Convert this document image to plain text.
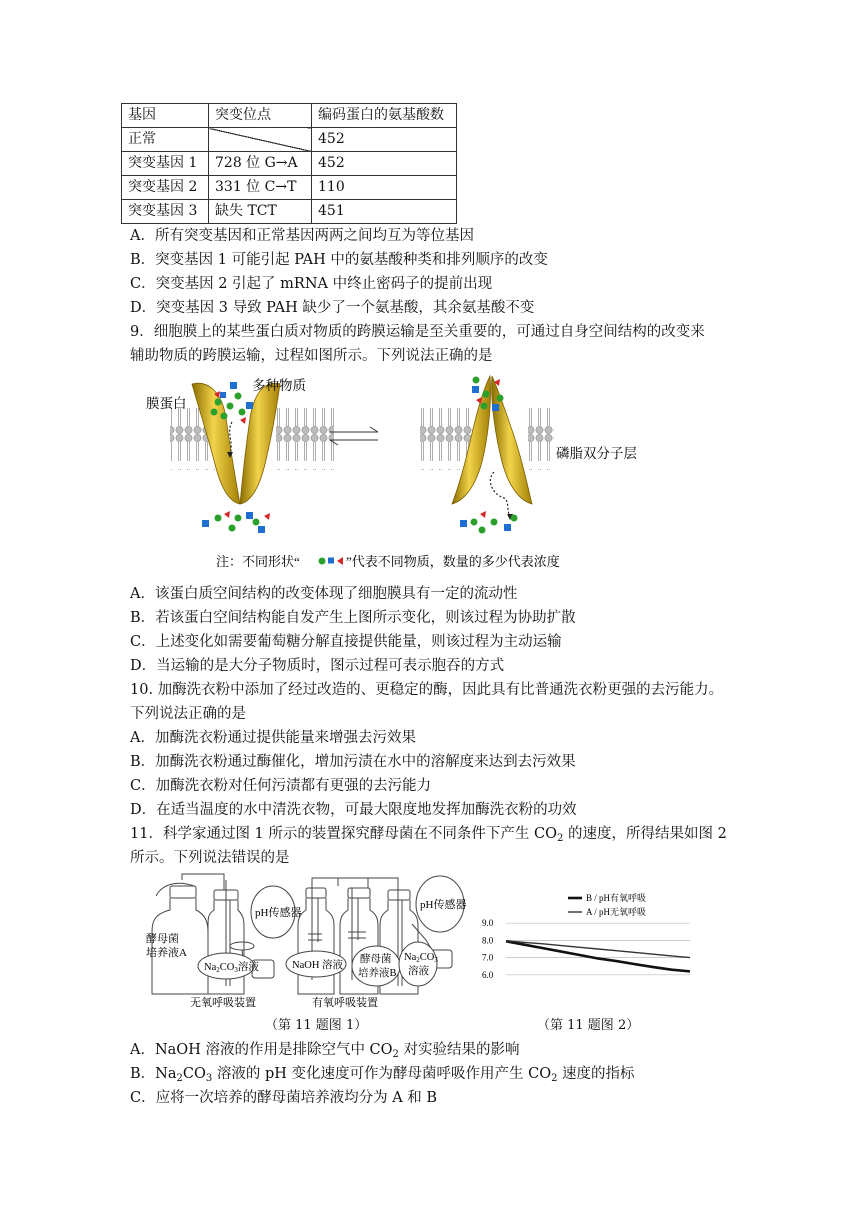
基因	突变位点	编码蛋白的氨基酸数
正常		452
突变基因 1	728 位 G→A	452
突变基因 2	331 位 C→T	110
突变基因 3	缺失 TCT	451
A．所有突变基因和正常基因两两之间均互为等位基因
B．突变基因 1 可能引起 PAH 中的氨基酸种类和排列顺序的改变
C．突变基因 2 引起了 mRNA 中终止密码子的提前出现
D．突变基因 3 导致 PAH 缺少了一个氨基酸，其余氨基酸不变
9．细胞膜上的某些蛋白质对物质的跨膜运输是至关重要的，可通过自身空间结构的改变来
辅助物质的跨膜运输，过程如图所示。下列说法正确的是
膜蛋白
多种物质
磷脂双分子层
注：不同形状“	”代表不同物质，数量的多少代表浓度
A．该蛋白质空间结构的改变体现了细胞膜具有一定的流动性
B．若该蛋白空间结构能自发产生上图所示变化，则该过程为协助扩散
C．上述变化如需要葡萄糖分解直接提供能量，则该过程为主动运输
D．当运输的是大分子物质时，图示过程可表示胞吞的方式
10. 加酶洗衣粉中添加了经过改造的、更稳定的酶，因此具有比普通洗衣粉更强的去污能力。
下列说法正确的是
A．加酶洗衣粉通过提供能量来增强去污效果
B．加酶洗衣粉通过酶催化，增加污渍在水中的溶解度来达到去污效果
C．加酶洗衣粉对任何污渍都有更强的去污能力
D．在适当温度的水中清洗衣物，可最大限度地发挥加酶洗衣粉的功效
11．科学家通过图 1 所示的装置探究酵母菌在不同条件下产生 $CO_2$ 的速度，所得结果如图 2
所示。下列说法错误的是
pH传感器
酵母菌
培养液A
Na2CO3溶液
pH传感器
NaOH 溶液
酵母菌
培养液B
Na2CO3
溶液
无氧呼吸装置	有氧呼吸装置
（第 11 题图 1）
9.0
8.0
7.0
6.0
B / pH有氧呼吸
A / pH无氧呼吸
（第 11 题图 2）
A．NaOH 溶液的作用是排除空气中 $CO_2$ 对实验结果的影响
B．$Na_2CO_3$ 溶液的 pH 变化速度可作为酵母菌呼吸作用产生 $CO_2$ 速度的指标
C．应将一次培养的酵母菌培养液均分为 A 和 B
